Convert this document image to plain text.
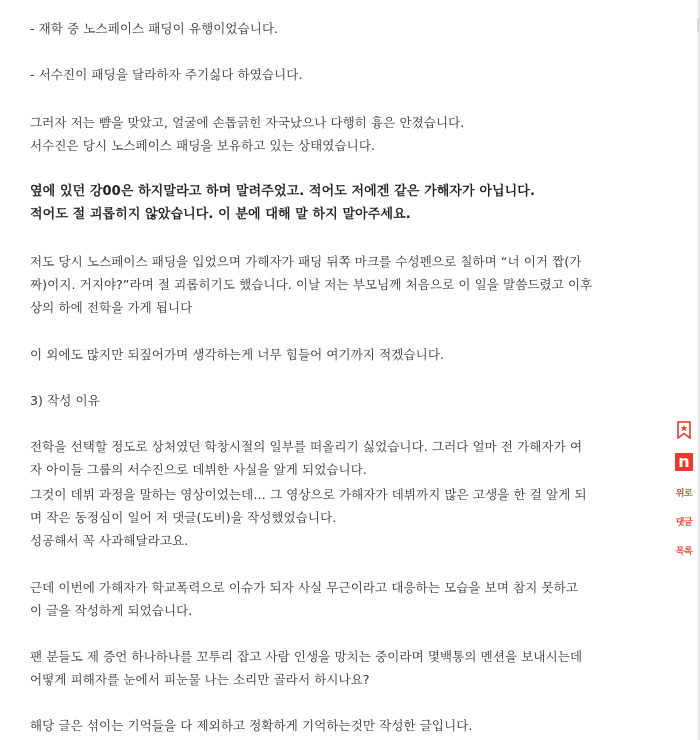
- 재학 중 노스페이스 패딩이 유행이었습니다.

- 서수진이 패딩을 달라하자 주기싫다 하였습니다.

그러자 저는 뺨을 맞았고, 얼굴에 손톱긁힌 자국났으나 다행히 흉은 안졌습니다.

서수진은 당시 노스페이스 패딩을 보유하고 있는 상태였습니다.

옆에 있던 강00은 하지말라고 하며 말려주었고. 적어도 저에겐 같은 가해자가 아닙니다.

적어도 절 괴롭히지 않았습니다. 이 분에 대해 말 하지 말아주세요.

저도 당시 노스페이스 패딩을 입었으며 가해자가 패딩 뒤쪽 마크를 수성펜으로 칠하며 “너 이거 짭(가

짜)이지. 거지야?”라며 절 괴롭히기도 했습니다. 이날 저는 부모님께 처음으로 이 일을 말씀드렸고 이후

상의 하에 전학을 가게 됩니다

이 외에도 많지만 되짚어가며 생각하는게 너무 힘들어 여기까지 적겠습니다.

3) 작성 이유

전학을 선택할 정도로 상처였던 학창시절의 일부를 떠올리기 싫었습니다. 그러다 얼마 전 가해자가 여

자 아이들 그룹의 서수진으로 데뷔한 사실을 알게 되었습니다.

그것이 데뷔 과정을 말하는 영상이었는데… 그 영상으로 가해자가 데뷔까지 많은 고생을 한 걸 알게 되

며 작은 동정심이 일어 저 댓글(도비)을 작성했었습니다.

성공해서 꼭 사과해달라고요.

근데 이번에 가해자가 학교폭력으로 이슈가 되자 사실 무근이라고 대응하는 모습을 보며 참지 못하고

이 글을 작성하게 되었습니다.

팬 분들도 제 증언 하나하나를 꼬투리 잡고 사람 인생을 망치는 중이라며 몇백통의 멘션을 보내시는데

어떻게 피해자를 눈에서 피눈물 나는 소리만 골라서 하시나요?

해당 글은 섞이는 기억들을 다 제외하고 정확하게 기억하는것만 작성한 글입니다.

n
위로
댓글
목록
